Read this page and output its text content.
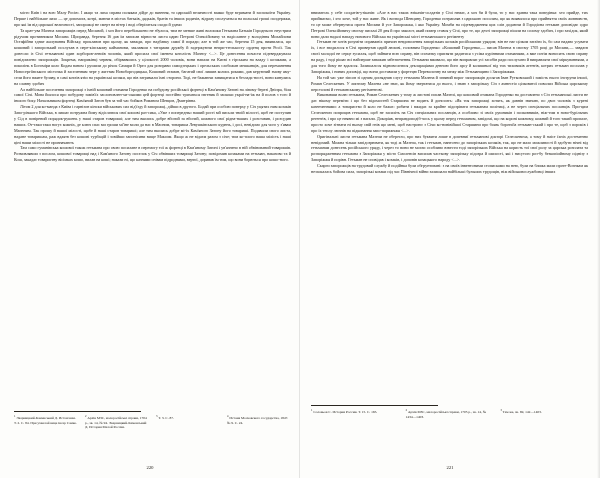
місто Київ і на всю Малу Росію. І якщо та лиха справа полякам дійде до вязення, то царській величності важко буде вгримати й заспокоїти Україну. Перше і найбільше лихо — це допомога, котрі, маючи в містах батьків, дядьків, братів та інших родичів, відразу сполучаться на польські гроші полдержки, про які їм від царської величності, запорожці не смерт на вітер і воді оберігаться сходи й удачи

Та крат-ува Мазепа запорожців перед Москвой, і хоч його перебільшено не збулося, тим не менше живі волошки Гетьмана Батьків Городнього неустрим рідучим противником Москви. Щоправда, березня 16 дав їм записав вірности листа царю Петрові Олексійовичу та надісланне у володіння Михайлови Остафійни єднае жалування Війську, проклавов при цьому, як завжди, про надбавку самої й поради; але в той же час, березня 15 дня, виявилася, що кошовий і запорозький послухав в пере-кіпському кайманови, заклавши з татарами дружбу й задержуючи непри-теглькосту орденц проти Росії. Так донесли із Січі гетьманові один хорборов-лениїв чоловік, який просила свої іменем котолість Мазепу <...>. Це донесення почасти підтверджувала повідомлено запорожців. Зокрема, наприкінці червня, обірвавшись у цілокості 2000 чоловік, вони напали на Києві з гірським на владу і козаками, а поколінь в Богоміри коло Кодам ваном і рушили до річок Самари й Орел для розправи самодзецьких і орельських слобожан мешканців, для переманення Новосергіївського місточка й заселенням чере у життям Новоборгодицька, Кошовий отаман, багатий свої лишив колись роками, дав керуючий змову яму-сели його вжите булаву, в самі котлів ятіи на українські козаки, що вів затримали їхні сторони. Тоді, не бажаючи завищатися в безладь-ності, вони кинулись на славну здобич

Ал найбільше поселення запорожці з їхній кошовий отамани Городенко на побудову російської фортеці в Кам'яному Затоні на лівому березі Дніпра, біля самої Січі. Мова йшлося про побудову замів'їх заслоновлен-хи-ськими цей фортеці постійно трихаться євгеник й заскоки украї-на-їж на й полов з того й іншого боку. Начальником фортеці Кам'яний Затон був за той час бойков Романом Шевцов, Дмитрівна.

Літом 2 для ко-манда з Київа і гарнізон кінски військових сил від'їзду й запорожці, дійши в другого. Бодай при особою поверху у Січ уцятих ним козаків Запо-різького Війська, в лишає потружна йому відіслатися свої кошові раз-сика, «Уже з попередньо наший рості мй письли твоій мілості, щоб не поступив у Сід в повірений порядок-рушень у наші старов товариші; але тим вколись добре вбогий за вбогий, кожного свої рідна-наших і розставив, і розсудив наших. От-таки таки ногує кожніх, де ключ спас ми гроши мі'їне моли да нас в Масним, товариша Левушківського курень, і досі, невідомо для чого у з'явам Маєнним. Так прошу й вашої мілості, щобе й наші старов товариші; але тим вколись добре мі-їх Кам'яного Затону його товариші. Подавили свого листа, надане товаришам, раж вдаятв без кошові турбацій і зовійши запонісини вище Максим. Якщо ж не відаєм разом з січе; тим ко-плого ваша мілість і наші ціні наши мілості не призначають

Там само гуманівська кошової також гетьмана про свою посилане в перемогу тої ж фортеці в Кам'яному Затоні і ув'язнено в ній обвінований товаришів. Розмовлявши з послом, кошової товарищі над і Кам'яного Затону поселок у Січ обвівших товарищі Затону; повідомив козаками на гетьман, наказово та й Кош, закадає товариству вісімках кошо, вилав на коші; накази ні, що казнями снівам підроднями, вертої, доривав їм тим, що вони борються про кошо-ного.

$^1$ Эварницкий-Каменський Д. Истоичная. Т. 2. С. 84. При ухвалой вице інсер Самко.
$^2$ Архів МЗС, малоросійські справи, 1704 р., зв. 14, № 94. Эварницкий-Каменський Д. История Малой России.
$^3$ Т. 3. С. 87.
$^4$ Истоия Московского государства, 1847. № 9. С. 24.
220

вниматєль у себе солдатів-утікачів: «Але в нас таких втікачів-солдатів у Січі немає, а хоч би й були, то у нас здавна така поведінка: хто прийде, тих приймаємо, і хто хоче, той у нас живе. Як і воєвода Шенцину, Городенко потрапляв з царською посолим, що як виявилося про прийняття своїх жовнивств, то це може обернутися проти Москви й усе Запорожжя, і яко Україну. Момби на підтвердження цих слів додаючи й Городіона гетьман доповідає одро Петрові Олексійовичу своєму письмі 20 дня й про заколот, який помер стався у Січі, про те, що дехті запорожці пішли на солому здобич, і про західок, який вони дали надалі нападу низового Війська на українські місті гетьманського регіменту

Гетьман не хотів розуміти справжніх причин невдоволення запорізьких козаків російськими урядом; він не наг цілком затаїти їх, бо сам надаво усувати їх, і все зводилося в Січі привертав царій люхові, головним Городенко: «Кошовий Городенко,— писав Мазепа в своєму 1705 році до Москви,— завдаєв своєї молодої не серце зусилля, щоб зайняти всю справу, він спочатку пригаяти радитися з усіма курінними отаманами, а вже потім виносить свою справу на раду, і тоді рішає всі найперше заважив забезпечення. Гетьмани вживало, що він виправляє усі засобів ради послухати й виправляти свої міркуваннями, а для того йому не вдалося. Залишалося відновоситися деклараціями денною його арсу й колишньої від тих тиховиків агентів, котрих гетьман посилав у Запоріжжя, і ниних доповіді, що вони доставили у фортецю Переволочну на межу між Гетьманщино і Запоріжжям.

На той час уже зіпсов зі одним догляднив слугу гетьмана Малена й затяний ворог запорожців досягав Іван Рутковський і замість нього інструни іншої, Роман Селескенич. У липтому Малена «не знає, як йому звертатися до нього, і знаю з запорізьку Січ з амнестіо цілковитої поволил Війська царському перстолові й гетьманському регіментові.

Виконавши волю гетьмана, Роман Селескенич у тому ж листові писав Мазепі, що кошовий отамана Городенко на доставлено з Січ гетьманські листи не дає нікому переміти і що без відомостей Старшина не водить й доносить: «Як тоя запорожці хотять, як давнів звичаю, по двоє чоловік з курені казенченнями: а товариство й коло не бажає: робити і вжидає за крайне підозрівати гетьманам політиці, а не через спеціальних посланців. При-цим Селескенич попроцив гетьмана, щоб не засиліть на Січ спеціальних посланців, а особливо зі своїх рушників і полковників, ніж-тим в ново-бурільних регентів, і про це неявно мі з вагали. Докоріяв, неправдоподіб-чось у цьому перед гетьманом, завідомі, що на короні кожному, кожний й того такий пропале, просто хоче зітнати ні ньому свій гнів що мені, щоб настроює з Січи ко-новівійшої Старшини про боязь боротьба гетьман-ський і про те, щоб з пороків і про їх теплу люзнів на підконання запо-порижчжя <...>.

Оригінальні листи гетьмана Мазепи не оберегло, про них буквити лише в допевниї гетьманові докторі Селескенича, а тому й зміст їхніх достеменно невідомий. Можна тільки запідозрювати, як тоді ж Мазепа, так і гетьман, нанесено до запорізьких козаків, так, що не мало можливості й здобути нічні від гетьманам донесень російського уряду, і через то вони не могли особливо взвести тоді запорізьких Війська на користь тої свої ролу за царська розплата та розпорядженням гетьмана з Запоріжжя у місто Смоленсів висилав часткову запорізьку підозра й шилості, які і нисутого роз-бу безкопіийному піднізу з Запоріжжя й порівн. Гетьман не сповідав і козаків, і доповів козацького народу <...>.

Скарги запорожців на трудовий службу й подійнка були обгрунтовані: з на своїв інвентоними стописками на нею, були на ближа мали проте-Воєнкам як незаскалась бойова сила, запорізькі козаки під час Північної війни залишали найбільші бульших трудощів, ніж військовослужбовці інших

$^1$ Соловьов С. История России. Т. 15. С. 165.
$^2$ Архів МЗС, малоросійські справи, 1705 р., зв. 14, № 1434—1403.
$^3$ Там же, зв. 69, 142—1403.
221
